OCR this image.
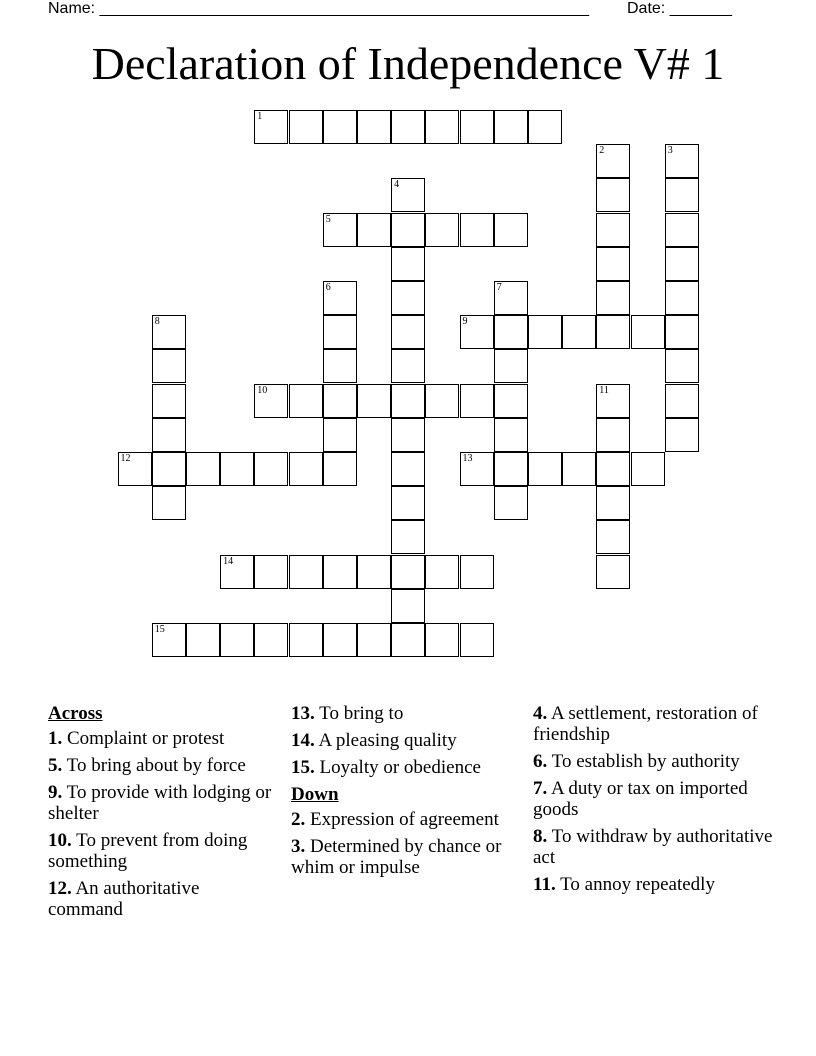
Name: _______________________________________________________ Date: _______
Declaration of Independence V# 1
1
5
9
10
12	13
14
15
2	3
4
6	7
8
11
Across
1. Complaint or protest
5. To bring about by force
9. To provide with lodging or shelter
10. To prevent from doing something
12. An authoritative command
13. To bring to
14. A pleasing quality
15. Loyalty or obedience
Down
2. Expression of agreement
3. Determined by chance or whim or impulse
4. A settlement, restoration of friendship
6. To establish by authority
7. A duty or tax on imported goods
8. To withdraw by authoritative act
11. To annoy repeatedly
